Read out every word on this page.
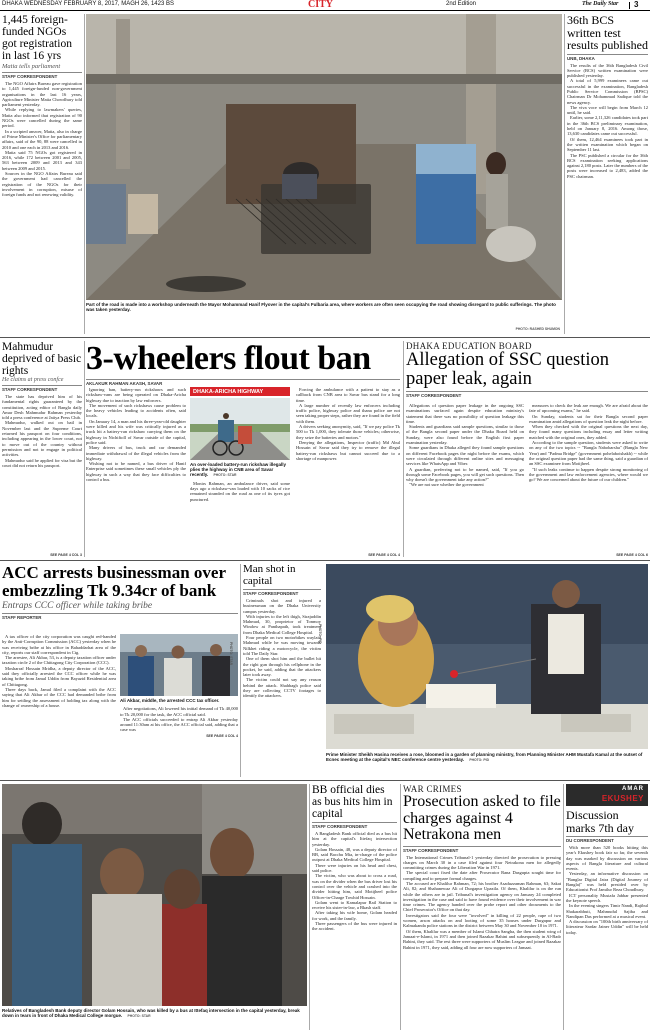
DHAKA WEDNESDAY FEBRUARY 8, 2017, MAGH 26, 1423 BS	CITY	2nd Edition	The Daily Star 3
1,445 foreign-funded NGOs got registration in last 16 yrs
Matia tells parliament
STAFF CORRESPONDENT

The NGO Affairs Bureau gave registration to 1,445 foreign-funded non-government organisations in the last 16 years, Agriculture Minister Matia Chowdhury told parliament yesterday.

While replying to lawmakers' queries, Matia also informed that registration of 90 NGOs were cancelled during the same period.

In a scripted answer, Matia, also in charge of Prime Minister's Office for parliamentary affairs, said of the 90, 88 were cancelled in 2010 and one each in 2013 and 2016.

Matia said 75 NGOs got registered in 2016, while 172 between 2001 and 2005, 563 between 2009 and 2013 and 343 between 2009 and 2015.

Sources in the NGO Affairs Bureau said the government had cancelled the registration of the NGOs for their involvement in corruption, misuse of foreign funds and not renewing validity.

PHOTO: RASHED SHUMON
Part of the road is made into a workshop underneath the Mayor Mohammad Hanif Flyover in the capital's Fulbaria area, where workers are often seen occupying the road showing disregard to public sufferings. The photo was taken yesterday.
36th BCS written test results published
UNB, DHAKA

The results of the 36th Bangladesh Civil Service (BCS) written examination were published yesterday.

A total of 5,999 examinees came out successful in the examination, Bangladesh Public Service Commission (BPSC) Chairman Dr Mohammad Sadique told the news agency.

The viva voce will begin from March 12 until, he said.

Earlier, some 2,11,326 candidates took part in the 36th BCS preliminary examination, held on January 8, 2016. Among those, 13,630 candidates came out successful.

Of them, 12,464 examinees took part in the written examination which began on September 11 last.

The PSC published a circular for the 36th BCS examination seeking applications against 2,180 posts. Later the numbers of the posts were increased to 2,483, added the PSC chairman.

Mahmudur deprived of basic rights
He claims at press confce
STAFF CORRESPONDENT

The state has deprived him of his fundamental rights guaranteed by the constitution, acting editor of Bangla daily Amar Desh Mahmudur Rahman yesterday told a press conference at Jatiya Press Club.

Mahmudur, walked out on bail in November last and the Supreme Court returned his passport on four conditions, including appearing in the lower court, not to move out of the country without permission and not to engage in political activities.

Mahmudur said he applied for visa but the court did not return his passport.

SEE PAGE 4 COL 3
3-wheelers flout ban
AKLAKUR RAHMAN AKASH, SAVAR

Ignoring ban, battery-run rickshaws and such rickshaw-vans are being operated on Dhaka-Aricha highway due to inaction by law enforcers.

The movement of such rickshaws cause problem to the heavy vehicles leading to accidents often, said locals.

On January 14, a man and his three-year-old daughter were killed and his wife was critically injured as a truck hit a battery-run rickshaw carrying them on the highway in Nichiftoll of Savar outside of the capital, police said.

Many drivers of bus, truck and car demanded immediate withdrawal of the illegal vehicles from the highway.

Wishing not to be named, a bus driver of Hanif Enterprise said sometimes these small vehicles ply the highway in such a way that they face difficulties to control a bus.

DHAKA-ARICHA HIGHWAY
An over-loaded battery-run rickshaw illegally plies the highway in CNB area of Savar recently. PHOTO: STAR

Monirs Rahman, an ambulance driver, said some days ago a rickshaw-van loaded with 10 sacks of rice remained stranded on the road as one of its tyres got punctured.

Forcing the ambulance with a patient to stay as a callback from CNB area to Savar bus stand for a long time.

A large number of recently law enforcers including traffic police, highway police and thana police are not seen taking proper steps, rather they are found in the field with them.

A drivers seeking anonymity, said, "If we pay police Tk 500 to Tk 1,000, they tolerate those vehicles; otherwise, they seize the batteries and motors."

Denying the allegations, Inspector (traffic) Md Abul Hossain of Savar said they try to remove the illegal battery-run rickshaws but cannot succeed due to a shortage of manpower.

SEE PAGE 4 COL 4
DHAKA EDUCATION BOARD
Allegation of SSC question paper leak, again
STAFF CORRESPONDENT

Allegations of question paper leakage in the ongoing SSC examinations surfaced again despite education ministry's statement that there was no possibility of question leakage this time.

Students and guardians said sample questions, similar to those of the Bangla second paper under the Dhaka Board held on Sunday, were also found before the English first paper examination yesterday.

Some guardians in Dhaka alleged they found sample questions on different Facebook pages the night before the exams, which were circulated through different online sites and messaging services like WhatsApp and Viber.

A guardian, preferring not to be named, said, "If you go through some Facebook pages, you will get such questions. Then why doesn't the government take any action?"

"We are not sure whether the government

measures to check the leak are enough. We are afraid about the fate of upcoming exams," he said.

On Sunday, students sat for their Bangla second paper examination amid allegations of question leak the night before.

When they checked with the original questions the next day, they found many questions including essay and letter writing matched with the original ones, they added.

According to the sample question, students were asked to write on any of the two topics -- "Bangla Nabobarsha" (Bangla New Year) and "Padma Bridge" (government pohelaboishakh) -- while the original question paper had the same thing, said a guardian of an SSC examinee from Motijheel.

"If such leaks continue to happen despite strong monitoring of the government and law enforcement agencies, where would we go? We are concerned about the future of our children."

SEE PAGE 4 COL 6
ACC arrests businessman over embezzling Tk 9.34cr of bank
Entraps CCC officer while taking bribe
STAFF REPORTER

A tax officer of the city corporation was caught red-handed by the Anti-Corruption Commission (ACC) yesterday when he was receiving bribe at his office in Bahaddarhat area of the city, reports our staff correspondent in Ctg.

The arrestee, Ali Akbar, 53, is a deputy taxation officer under taxation circle 2 of the Chittagong City Corporation (CCC).

Mosharraf Hossain Mridha, a deputy director of the ACC, said they officially arrested the CCC officer while he was taking bribe from Jamal Uddin from Bayazid Residential area of Chittagong.

Three days back, Jamal filed a complaint with the ACC saying that Ali Akbar of the CCC had demanded bribe from him for settling the assessment of holding tax along with the change of ownership of a house.

Ali Akbar, middle, the arrested CCC tax officer.

After negotiations, Ali lowered his initial demand of Tk 40,000 to Tk 20,000 for the task, the ACC official said.

The ACC officials succeeded to entrap Ali Akbar yesterday around 11:30am at his office, the ACC official said, adding that a case was

SEE PAGE 4 COL 4
PHOTO: STAR
Man shot in capital
STAFF CORRESPONDENT

Criminals shot and injured a businessman on the Dhaka University campus yesterday.

With injuries to the left thigh, Sirajuddin Mahmud, 30, proprietor of Tonmoy Window at Panthapath, took treatment from Dhaka Medical College Hospital.

Four people on two motorbikes waylaid Mahmud while he was moving towards Nilkhet riding a motorcycle, the victim told The Daily Star.

One of them shot him and the bullet hit the right gun through his cellphone in the pocket, he said, adding that the attackers later took away.

The victim could not say any reason behind the attack. Shahbagh police said they are collecting CCTV footages to identify the attackers.

PHOTO: PID
Prime Minister Sheikh Hasina receives a rose, bloomed in a garden of planning ministry, from Planning Minister AHM Mustafa Kamal at the outset of Ecnec meeting at the capital's NEC conference centre yesterday. PHOTO: PID
Relatives of Bangladesh Bank deputy director Golam Hossain, who was killed by a bus at Ittefaq intersection in the capital yesterday, break down in tears in front of Dhaka Medical College morgue. PHOTO: STAR
BB official dies as bus hits him in capital
STAFF CORRESPONDENT

A Bangladesh Bank official died as a bus hit him at the capital's Ittefaq intersection yesterday.

Golam Hossain, 48, was a deputy director of BB, said Bacchu Mia, in-charge of the police outpost at Dhaka Medical College Hospital.

There were injuries on his head and chest, said police.

The victim, who was about to cross a road, was on the divider when the bus driver lost his control over the vehicle and crashed into the divider hitting him, said Motijheel police Officer-in-Charge Towhid Hossain.

Golam went to Kamalapur Rail Station to receive his sister-in-law, a Bkash staff.

After taking his wife home, Golam headed for work, and the family.

Three passengers of the bus were injured in the accident.

WAR CRIMES
Prosecution asked to file charges against 4 Netrakona men
STAFF CORRESPONDENT

The International Crimes Tribunal-1 yesterday directed the prosecution to pressing charges on March 30 in a case filed against four Netrakona men for allegedly committing crimes during the Liberation War in 1971.

The special court fixed the date after Prosecutor Rana Dasgupta sought time for compiling and to prepare formal charges.

The accused are Khalilur Rahman, 72; his brother Asaduzzaman Rahman, 63; Sakat Ali, 82; and Shahanewaz Ali of Durgapur Upazila. Of them, Khalilur is on the run while the others are in jail. Tribunal's investigation agency on January 24 completed investigation in the case and said to have found evidence over their involvement in war time crimes. The agency handed over the probe report and other documents to the Chief Prosecutor's Office on that day.

Investigators said the four were "involved" in killing of 22 people, rape of two women, arson attacks on and looting of some 35 houses under Durgapur and Kalmakanda police stations in the district between May 30 and November 10 in 1971.

Of them, Khalilur was a member of Islami Chhatra Sangha, the then student wing of Jamaat-e-Islami, in 1971 and then joined Razakar Bahini and subsequently in Al-Badr Bahini, they said. The rest three were supporters of Muslim League and joined Razakar Bahini in 1971, they said, adding all four are now supporters of Jamaat.

AMAR
EKUSHEY
Discussion marks 7th day
DU CORRESPONDENT

With more than 520 books hitting this year's Ekushey book fair so far, the seventh day was marked by discussion on various aspects of Bangla literature and cultural events.

Yesterday, an informative discussion on "Banglar Digital Jatra (Digital Journey of Bangla)" was held presided over by Educationist Prof Jamilur Reza Choudhury.

ICT personality Mustafa Jabbar presented the keynote speech.

In the evening singers Timir Nandi, Rajibul Shakarabhuti, Mahmudul Sajiba and Nandipan Das performed at a musical event.

A discussion on "100th birth anniversary of litterateur Sardar Jainer Uddin" will be held today.
